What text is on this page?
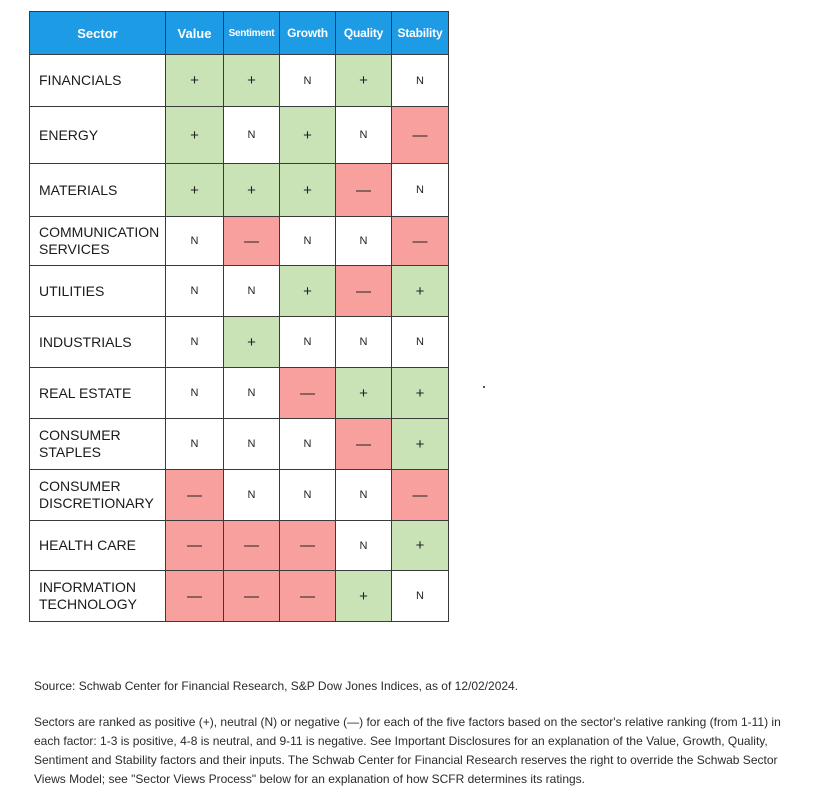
Sector	Value	Sentiment	Growth	Quality	Stability
FINANCIALS	+	+	N	+	N
ENERGY	+	N	+	N	—
MATERIALS	+	+	+	—	N
COMMUNICATION
SERVICES	N	—	N	N	—
UTILITIES	N	N	+	—	+
INDUSTRIALS	N	+	N	N	N
REAL ESTATE	N	N	—	+	+
CONSUMER
STAPLES	N	N	N	—	+
CONSUMER
DISCRETIONARY	—	N	N	N	—
HEALTH CARE	—	—	—	N	+
INFORMATION
TECHNOLOGY	—	—	—	+	N
Source: Schwab Center for Financial Research, S&P Dow Jones Indices, as of 12/02/2024.
Sectors are ranked as positive (+), neutral (N) or negative (—) for each of the five factors based on the sector's relative ranking (from 1-11) in each factor: 1-3 is positive, 4-8 is neutral, and 9-11 is negative. See Important Disclosures for an explanation of the Value, Growth, Quality, Sentiment and Stability factors and their inputs. The Schwab Center for Financial Research reserves the right to override the Schwab Sector Views Model; see "Sector Views Process" below for an explanation of how SCFR determines its ratings.
